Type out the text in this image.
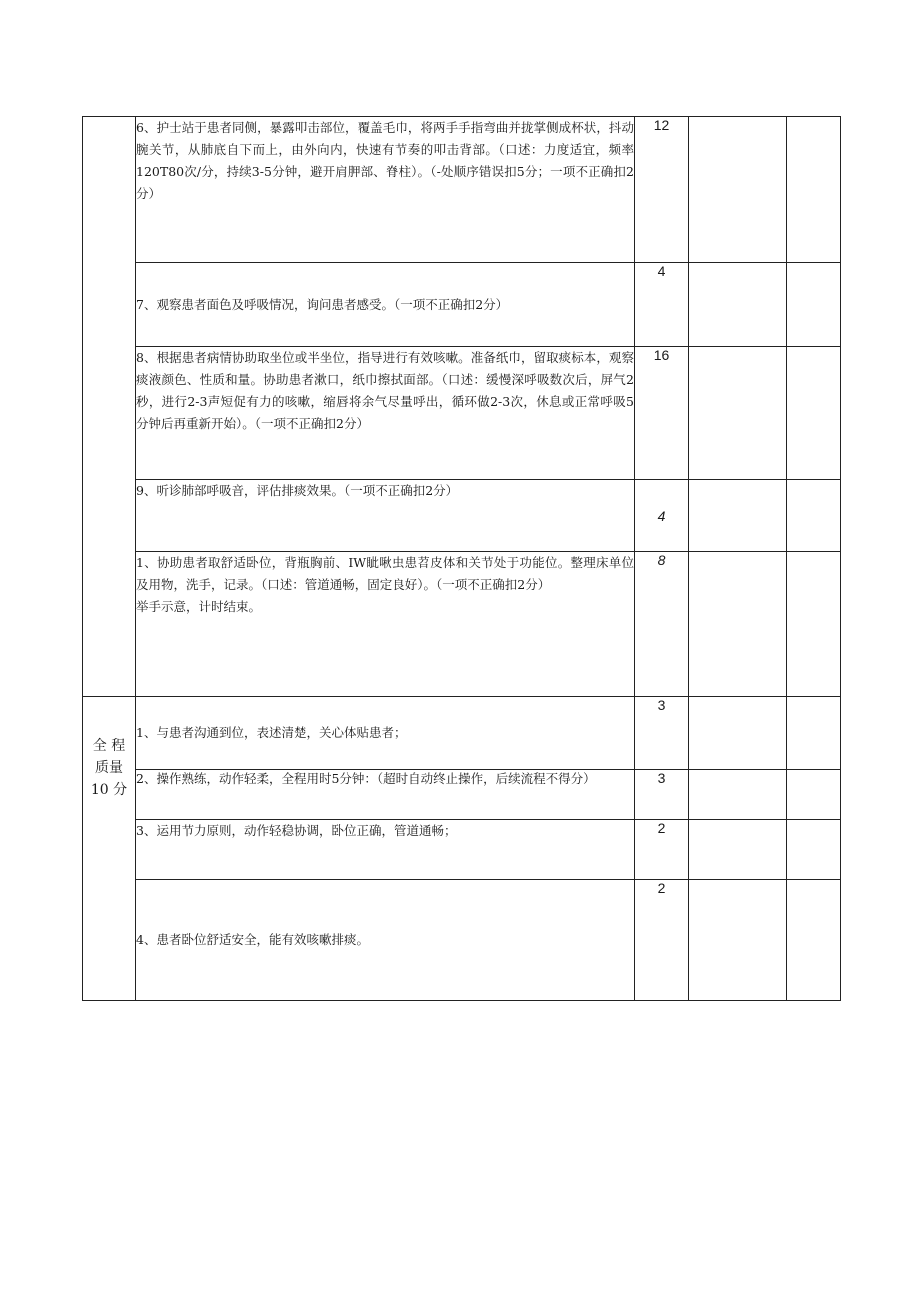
	6、护士站于患者同侧，暴露叩击部位，覆盖毛巾，将两手手指弯曲并拢掌侧成杯状，抖动腕关节，从肺底自下而上，由外向内，快速有节奏的叩击背部。（口述：力度适宜，频率120T80次/分，持续3-5分钟，避开肩胛部、脊柱）。（-处顺序错误扣5分；一项不正确扣2分）	12		

	7、观察患者面色及呼吸情况，询问患者感受。（一项不正确扣2分）	4		

	8、根据患者病情协助取坐位或半坐位，指导进行有效咳嗽。准备纸巾，留取痰标本，观察痰液颜色、性质和量。协助患者漱口，纸巾擦拭面部。（口述：缓慢深呼吸数次后，屏气2秒，进行2-3声短促有力的咳嗽，缩唇将余气尽量呼出，循环做2-3次，休息或正常呼吸5分钟后再重新开始）。（一项不正确扣2分）	16		

	9、听诊肺部呼吸音，评估排痰效果。（一项不正确扣2分）	4		

	1、协助患者取舒适卧位，背瓶胸前、IW眦啾虫患苕皮体和关节处于功能位。整理床单位及用物，洗手，记录。（口述：管道通畅，固定良好）。（一项不正确扣2分）
举手示意，计时结束。	8		

全 程
质量
10 分	1、与患者沟通到位，表述清楚，关心体贴患者；	3		

	2、操作熟练，动作轻柔，全程用时5分钟：（超时自动终止操作，后续流程不得分）	3		

	3、运用节力原则，动作轻稳协调，卧位正确，管道通畅；	2		

	4、患者卧位舒适安全，能有效咳嗽排痰。	2		
